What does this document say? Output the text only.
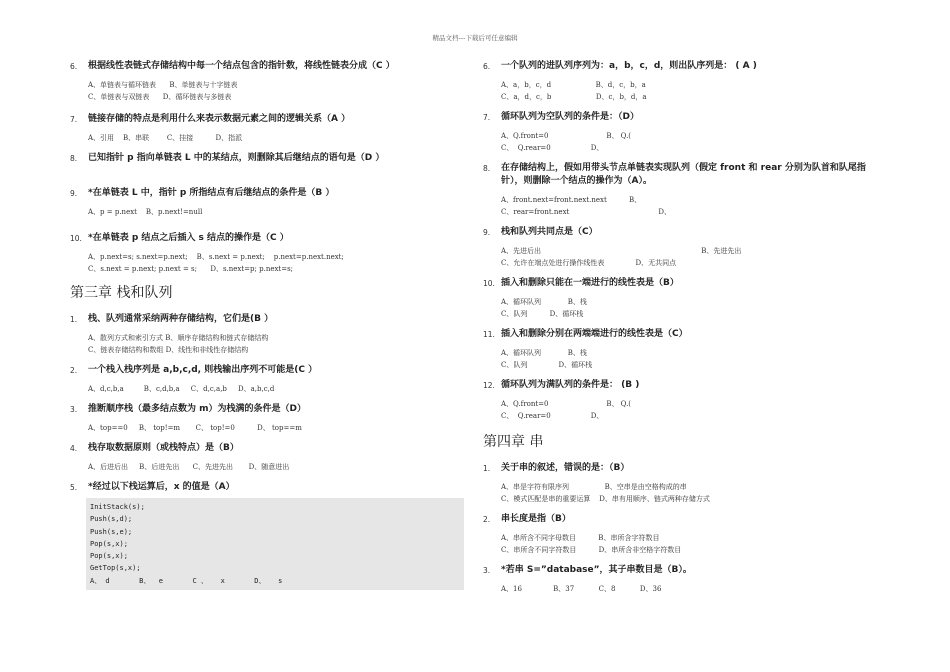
精品文档---下载后可任意编辑
6.	根据线性表链式存储结构中每一个结点包含的指针数，将线性链表分成（C ）
A、单链表与循环链表      B、单链表与十字链表
C、单链表与双链表      D、循环链表与多链表
7.	链接存储的特点是利用什么来表示数据元素之间的逻辑关系（A ）
A、引用    B、串联        C、挂接          D、指派
8.	已知指针 p 指向单链表 L 中的某结点，则删除其后继结点的语句是（D ）
9.	*在单链表 L 中，指针 p 所指结点有后继结点的条件是（B ）
A、p = p.next    B、p.next!=null
10. *在单链表 p 结点之后插入 s 结点的操作是（C ）
A、p.next=s; s.next=p.next;    B、s.next = p.next;    p.next=p.next.next;
C、s.next = p.next; p.next = s;      D、s.next=p; p.next=s;
第三章 栈和队列
1.	栈、队列通常采纳两种存储结构，它们是(B ）
A、散列方式和索引方式 B、顺序存储结构和链式存储结构
C、链表存储结构和数组 D、线性和非线性存储结构
2.	一个栈入栈序列是 a,b,c,d, 则栈输出序列不可能是(C ）
A、d,c,b,a         B、c,d,b,a     C、d,c,a,b     D、a,b,c,d
3.	推断顺序栈（最多结点数为 m）为栈满的条件是（D）
A、top==0     B、 top!=m       C、 top!=0          D、 top==m
4.	栈存取数据原则（或栈特点）是（B）
A、后进后出     B、后进先出      C、先进先出       D、随意进出
5.	*经过以下栈运算后，x 的值是（A）
InitStack(s);
Push(s,d);
Push(s,e);
Pop(s,x);
Pop(s,x);
GetTop(s,x);
A、 d       B、  e       C 、   x       D、   s
6.	一个队列的进队列序列为：a，b，c，d，则出队序列是： ( A )
A、a，b，c，d                    B、d，c，b，a
C、a，d，c，b                    D、c，b，d，a
7.	循环队列为空队列的条件是：（D）
A、Q.front=0                          B、 Q.(
C、  Q.rear=0                  D、
8.	在存储结构上，假如用带头节点单链表实现队列（假定 front 和 rear 分别为队首和队尾指针），则删除一个结点的操作为（A）。
A、front.next=front.next.next          B、
C、rear=front.next                                        D、
9.	栈和队列共同点是（C）
A、先进后出                                                                        B、先进先出
C、允许在端点处进行操作线性表              D、无共同点
10. 插入和删除只能在一端进行的线性表是（B）
A、循环队列            B、栈
C、队列          D、循环栈
11. 插入和删除分别在两端端进行的线性表是（C）
A、循环队列            B、栈
C、队列              D、循环栈
12. 循环队列为满队列的条件是： (B )
A、Q.front=0                          B、 Q.(
C、  Q.rear=0                  D、
第四章 串
1.	关于串的叙述，错误的是：（B）
A、串是字符有限序列                B、空串是由空格构成的串
C、模式匹配是串的重要运算    D、串有用顺序、链式两种存储方式
2.	串长度是指（B）
A、串所含不同字母数目          B、串所含字符数目
C、串所含不同字符数目          D、串所含非空格字符数目
3.	*若串 S=”database”，其子串数目是（B）。
A、16              B、37           C、8           D、36
